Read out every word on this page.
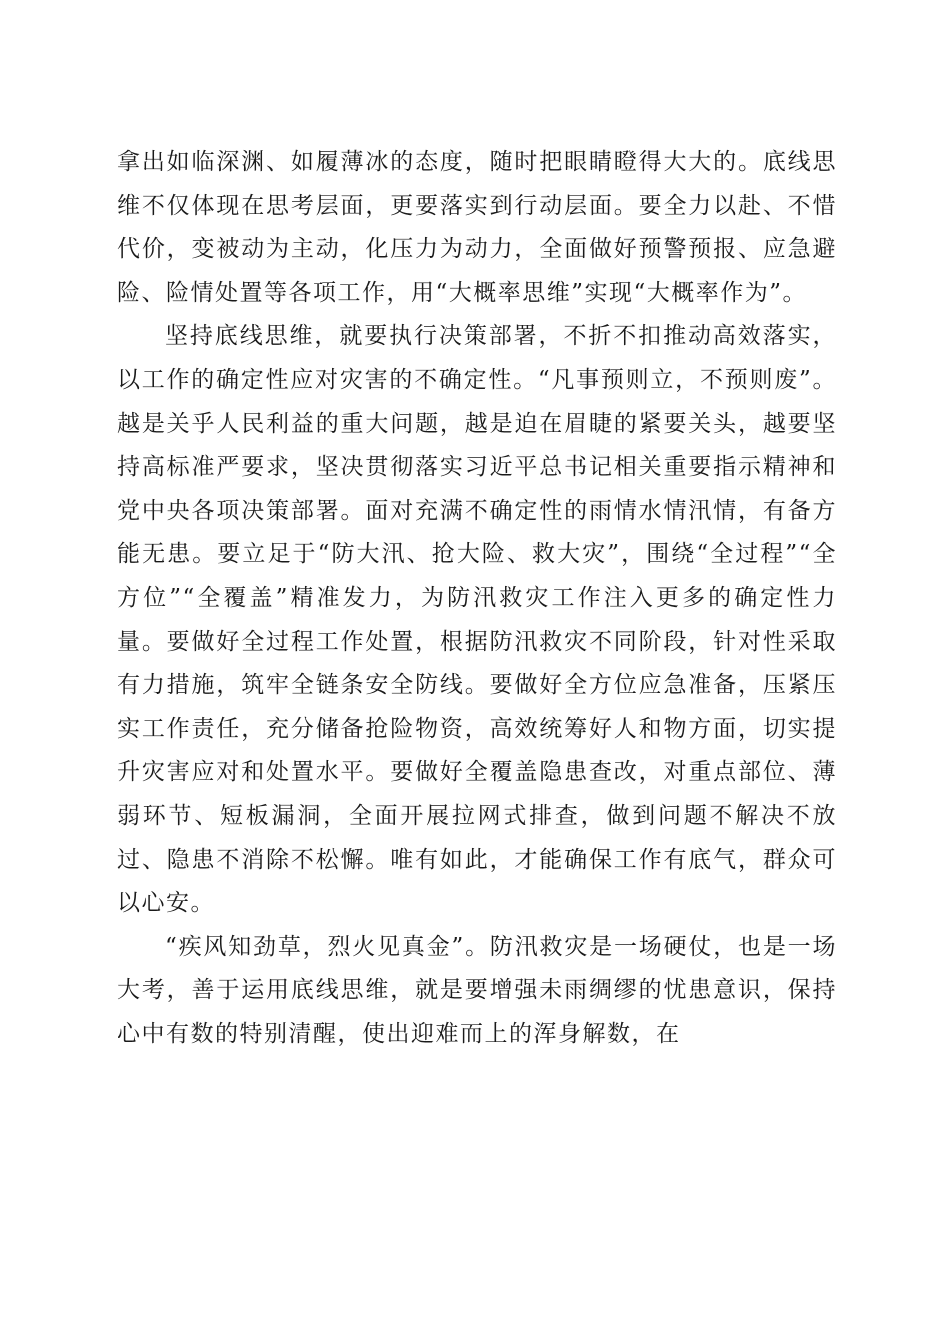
拿出如临深渊、如履薄冰的态度，随时把眼睛瞪得大大的。底线思维不仅体现在思考层面，更要落实到行动层面。要全力以赴、不惜代价，变被动为主动，化压力为动力，全面做好预警预报、应急避险、险情处置等各项工作，用“大概率思维”实现“大概率作为”。

坚持底线思维，就要执行决策部署，不折不扣推动高效落实，以工作的确定性应对灾害的不确定性。“凡事预则立，不预则废”。越是关乎人民利益的重大问题，越是迫在眉睫的紧要关头，越要坚持高标准严要求，坚决贯彻落实习近平总书记相关重要指示精神和党中央各项决策部署。面对充满不确定性的雨情水情汛情，有备方能无患。要立足于“防大汛、抢大险、救大灾”，围绕“全过程”“全方位”“全覆盖”精准发力，为防汛救灾工作注入更多的确定性力量。要做好全过程工作处置，根据防汛救灾不同阶段，针对性采取有力措施，筑牢全链条安全防线。要做好全方位应急准备，压紧压实工作责任，充分储备抢险物资，高效统筹好人和物方面，切实提升灾害应对和处置水平。要做好全覆盖隐患查改，对重点部位、薄弱环节、短板漏洞，全面开展拉网式排查，做到问题不解决不放过、隐患不消除不松懈。唯有如此，才能确保工作有底气，群众可以心安。

“疾风知劲草，烈火见真金”。防汛救灾是一场硬仗，也是一场大考，善于运用底线思维，就是要增强未雨绸缪的忧患意识，保持心中有数的特别清醒，使出迎难而上的浑身解数，在
